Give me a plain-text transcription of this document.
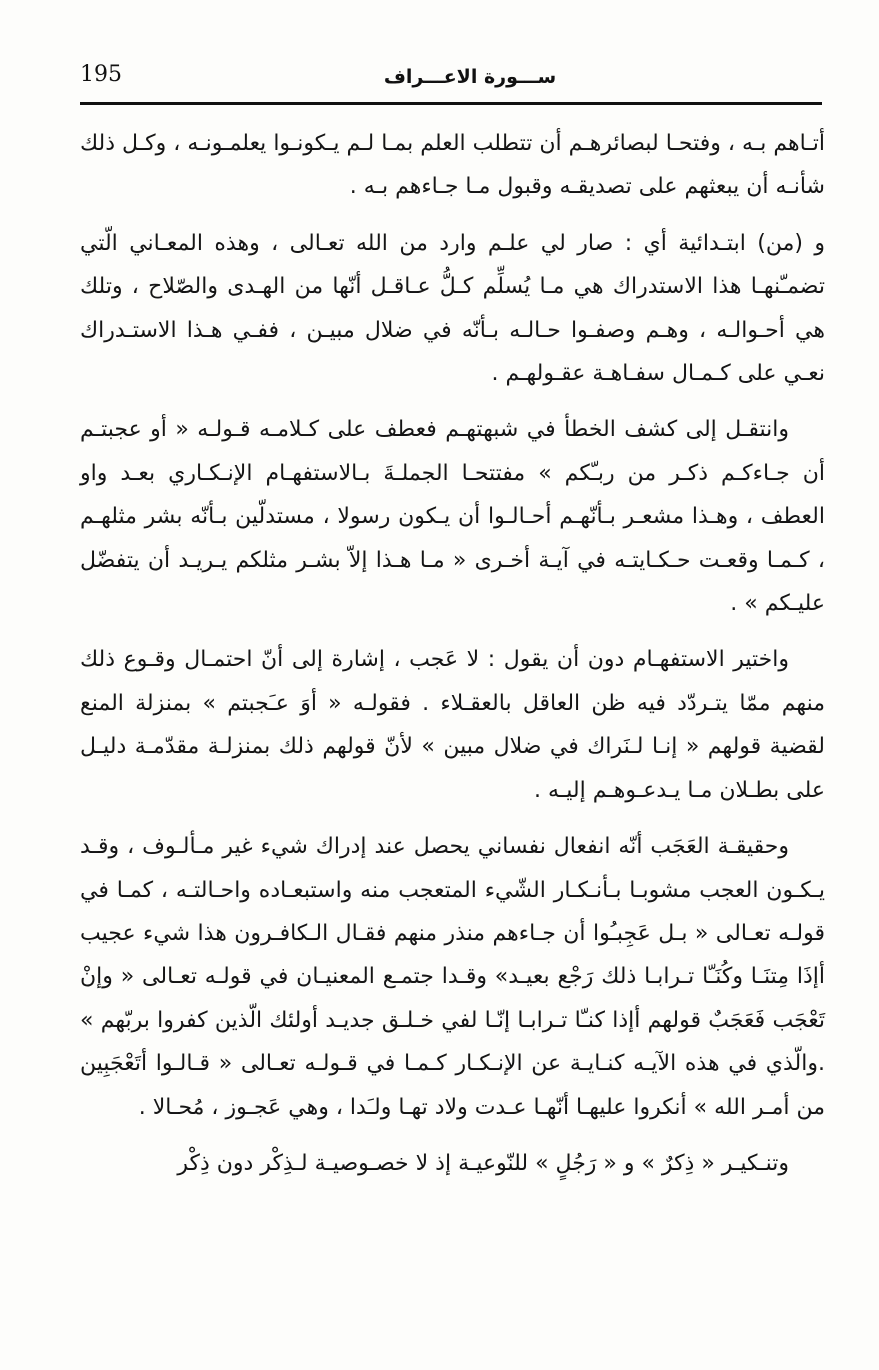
195	ســـورة الاعـــراف

أتـاهم بـه ، وفتحـا لبصائرهـم أن تتطلب العلم بمـا لـم يـكونـوا يعلمـونـه ، وكـل ذلك شأنـه أن يبعثهم على تصديقـه وقبول مـا جـاءهم بـه .

و (من) ابتـدائية أي : صار لي علـم وارد من الله تعـالى ، وهذه المعـاني الّتي تضمـّنهـا هذا الاستدراك هي مـا يُسلِّم كـلُّ عـاقـل أنّها من الهـدى والصّلاح ، وتلك هي أحـوالـه ، وهـم وصفـوا حـالـه بـأنّه في ضلال مبيـن ، ففـي هـذا الاستـدراك نعـي على كـمـال سفـاهـة عقـولهـم .

وانتقـل إلى كشف الخطأ في شبهتهـم فعطف على كـلامـه قـولـه « أو عجبتـم أن جـاءكـم ذكـر من ربـّكم » مفتتحـا الجملـةَ بـالاستفهـام الإنـكـاري بعـد واو العطف ، وهـذا مشعـر بـأنّهـم أحـالـوا أن يـكون رسولا ، مستدلّين بـأنّه بشر مثلهـم ، كـمـا وقعـت حـكـايتـه في آيـة أخـرى « مـا هـذا إلاّ بشـر مثلكم يـريـد أن يتفضّل عليـكم » .

واختير الاستفهـام دون أن يقول : لا عَجب ، إشارة إلى أنّ احتمـال وقـوع ذلك منهم ممّا يتـردّد فيه ظن العاقل بالعقـلاء . فقولـه « أوَ عـَجبتم » بمنزلة المنع لقضية قولهم « إنـا لـنَراك في ضلال مبين » لأنّ قولهم ذلك بمنزلـة مقدّمـة دليـل على بطـلان مـا يـدعـوهـم إليـه .

وحقيقـة العَجَب أنّه انفعال نفساني يحصل عند إدراك شيء غير مـألـوف ، وقـد يـكـون العجب مشوبـا بـأنـكـار الشّيء المتعجب منه واستبعـاده واحـالتـه ، كمـا في قولـه تعـالى « بـل عَجِبـُوا أن جـاءهم منذر منهم فقـال الـكافـرون هذا شيء عجيب أإذَا مِتنَـا وكُنَـّا تـرابـا ذلك رَجْع بعيـد» وقـدا جتمـع المعنيـان في قولـه تعـالى « وإنْ تَعْجَب فَعَجَبٌ قولهم أإذا كنـّا تـرابـا إنّـا لفي خـلـق جديـد أولئك الّذين كفروا بربّهم » .والّذي في هذه الآيـه كنـايـة عن الإنـكـار كـمـا في قـولـه تعـالى « قـالـوا أتَعْجَبِين من أمـر الله » أنكروا عليهـا أنّهـا عـدت ولاد تهـا ولـَدا ، وهي عَجـوز ، مُحـالا .

وتنـكيـر « ذِكرٌ » و « رَجُلٍ » للنّوعيـة إذ لا خصـوصيـة لـذِكْر دون ذِكْر
